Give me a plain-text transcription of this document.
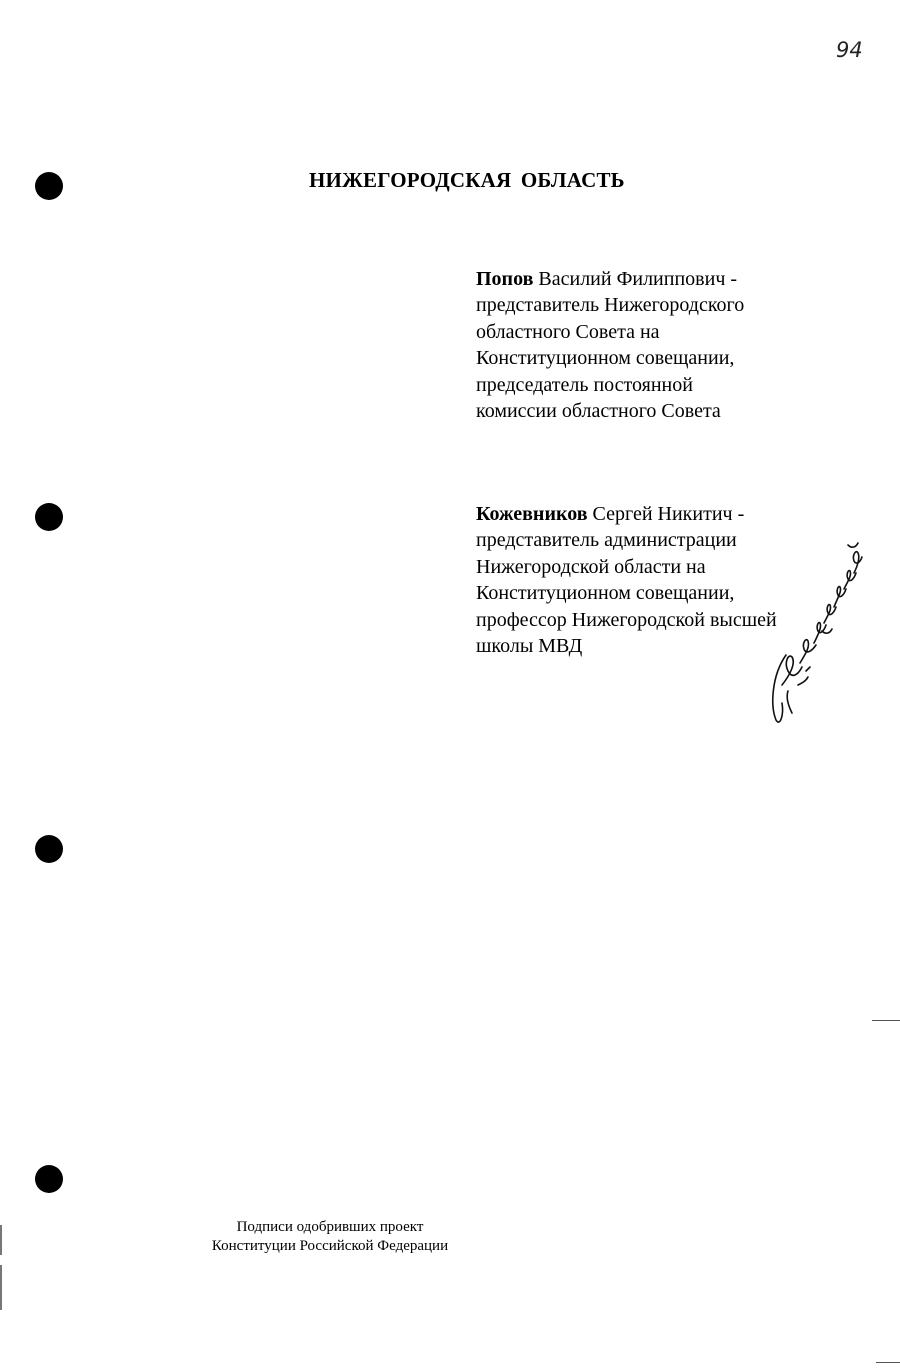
94
НИЖЕГОРОДСКАЯ ОБЛАСТЬ
Попов Василий Филиппович -
представитель Нижегородского
областного Совета на
Конституционном совещании,
председатель постоянной
комиссии областного Совета
Кожевников Сергей Никитич -
представитель администрации
Нижегородской области на
Конституционном совещании,
профессор Нижегородской высшей
школы МВД
Подписи одобривших проект
Конституции Российской Федерации
